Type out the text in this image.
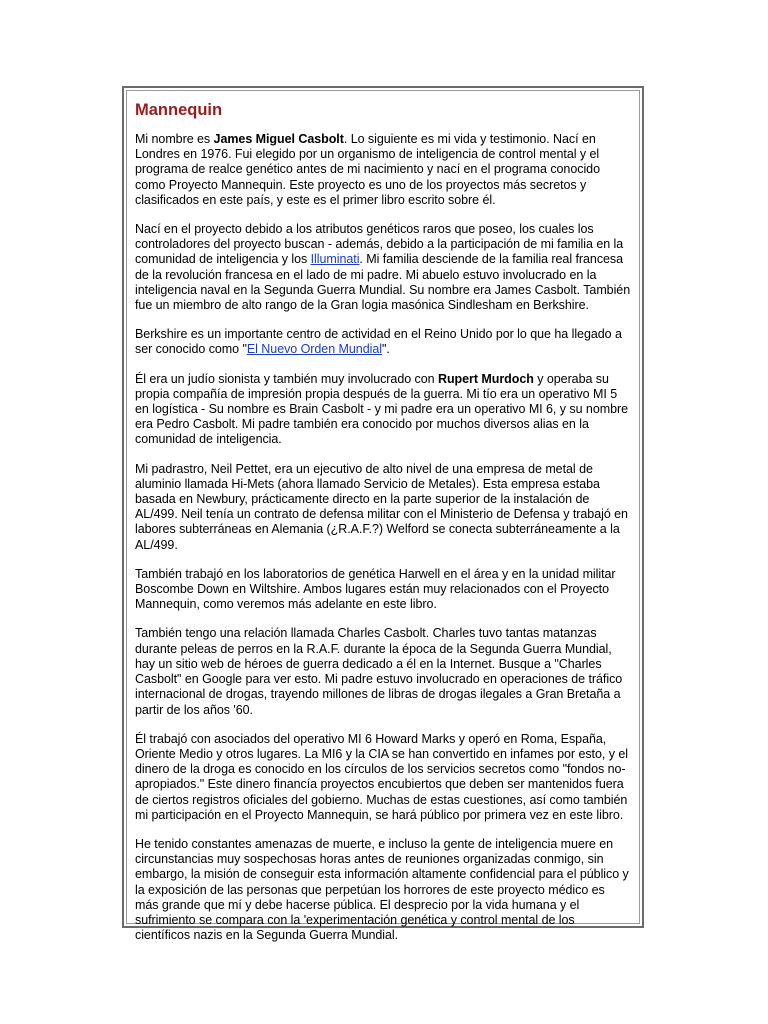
Mannequin

Mi nombre es James Miguel Casbolt. Lo siguiente es mi vida y testimonio. Nací en Londres en 1976. Fui elegido por un organismo de inteligencia de control mental y el programa de realce genético antes de mi nacimiento y nací en el programa conocido como Proyecto Mannequin. Este proyecto es uno de los proyectos más secretos y clasificados en este país, y este es el primer libro escrito sobre él.

Nací en el proyecto debido a los atributos genéticos raros que poseo, los cuales los controladores del proyecto buscan - además, debido a la participación de mi familia en la comunidad de inteligencia y los Illuminati. Mi familia desciende de la familia real francesa de la revolución francesa en el lado de mi padre. Mi abuelo estuvo involucrado en la inteligencia naval en la Segunda Guerra Mundial. Su nombre era James Casbolt. También fue un miembro de alto rango de la Gran logia masónica Sindlesham en Berkshire.

Berkshire es un importante centro de actividad en el Reino Unido por lo que ha llegado a ser conocido como "El Nuevo Orden Mundial".

Él era un judío sionista y también muy involucrado con Rupert Murdoch y operaba su propia compañía de impresión propia después de la guerra. Mi tío era un operativo MI 5 en logística - Su nombre es Brain Casbolt - y mi padre era un operativo MI 6, y su nombre era Pedro Casbolt. Mi padre también era conocido por muchos diversos alias en la comunidad de inteligencia.

Mi padrastro, Neil Pettet, era un ejecutivo de alto nivel de una empresa de metal de aluminio llamada Hi-Mets (ahora llamado Servicio de Metales). Esta empresa estaba basada en Newbury, prácticamente directo en la parte superior de la instalación de AL/499. Neil tenía un contrato de defensa militar con el Ministerio de Defensa y trabajó en labores subterráneas en Alemania (¿R.A.F.?) Welford se conecta subterráneamente a la AL/499.

También trabajó en los laboratorios de genética Harwell en el área y en la unidad militar Boscombe Down en Wiltshire. Ambos lugares están muy relacionados con el Proyecto Mannequin, como veremos más adelante en este libro.

También tengo una relación llamada Charles Casbolt. Charles tuvo tantas matanzas durante peleas de perros en la R.A.F. durante la época de la Segunda Guerra Mundial, hay un sitio web de héroes de guerra dedicado a él en la Internet. Busque a "Charles Casbolt" en Google para ver esto. Mi padre estuvo involucrado en operaciones de tráfico internacional de drogas, trayendo millones de libras de drogas ilegales a Gran Bretaña a partir de los años '60.

Él trabajó con asociados del operativo MI 6 Howard Marks y operó en Roma, España, Oriente Medio y otros lugares. La MI6 y la CIA se han convertido en infames por esto, y el dinero de la droga es conocido en los círculos de los servicios secretos como "fondos no-apropiados." Este dinero financía proyectos encubiertos que deben ser mantenidos fuera de ciertos registros oficiales del gobierno. Muchas de estas cuestiones, así como también mi participación en el Proyecto Mannequin, se hará público por primera vez en este libro.

He tenido constantes amenazas de muerte, e incluso la gente de inteligencia muere en circunstancias muy sospechosas horas antes de reuniones organizadas conmigo, sin embargo, la misión de conseguir esta información altamente confidencial para el público y la exposición de las personas que perpetúan los horrores de este proyecto médico es más grande que mí y debe hacerse pública. El desprecio por la vida humana y el sufrimiento se compara con la 'experimentación genética y control mental de los científicos nazis en la Segunda Guerra Mundial.
